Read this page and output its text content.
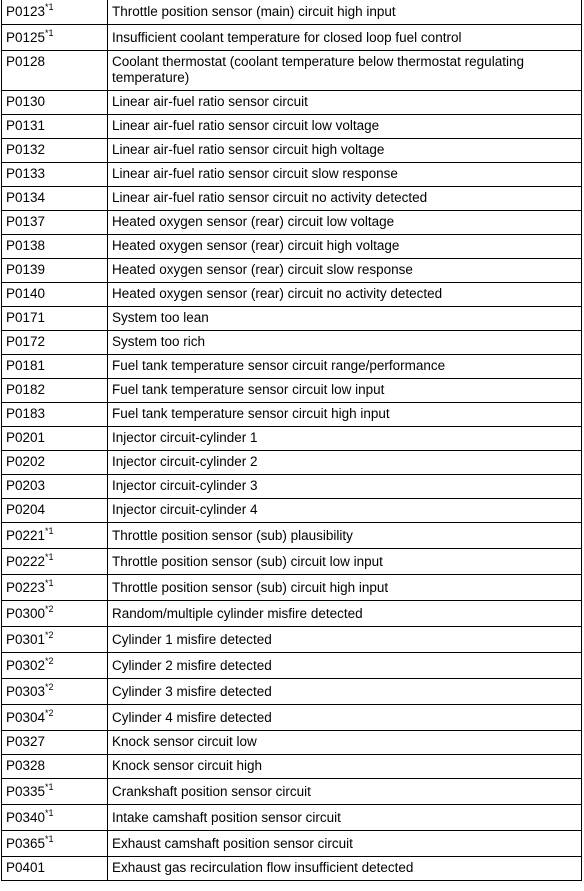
P0123$^{*1}$	Throttle position sensor (main) circuit high input
P0125$^{*1}$	Insufficient coolant temperature for closed loop fuel control
P0128	Coolant thermostat (coolant temperature below thermostat regulating temperature)
P0130	Linear air-fuel ratio sensor circuit
P0131	Linear air-fuel ratio sensor circuit low voltage
P0132	Linear air-fuel ratio sensor circuit high voltage
P0133	Linear air-fuel ratio sensor circuit slow response
P0134	Linear air-fuel ratio sensor circuit no activity detected
P0137	Heated oxygen sensor (rear) circuit low voltage
P0138	Heated oxygen sensor (rear) circuit high voltage
P0139	Heated oxygen sensor (rear) circuit slow response
P0140	Heated oxygen sensor (rear) circuit no activity detected
P0171	System too lean
P0172	System too rich
P0181	Fuel tank temperature sensor circuit range/performance
P0182	Fuel tank temperature sensor circuit low input
P0183	Fuel tank temperature sensor circuit high input
P0201	Injector circuit-cylinder 1
P0202	Injector circuit-cylinder 2
P0203	Injector circuit-cylinder 3
P0204	Injector circuit-cylinder 4
P0221$^{*1}$	Throttle position sensor (sub) plausibility
P0222$^{*1}$	Throttle position sensor (sub) circuit low input
P0223$^{*1}$	Throttle position sensor (sub) circuit high input
P0300$^{*2}$	Random/multiple cylinder misfire detected
P0301$^{*2}$	Cylinder 1 misfire detected
P0302$^{*2}$	Cylinder 2 misfire detected
P0303$^{*2}$	Cylinder 3 misfire detected
P0304$^{*2}$	Cylinder 4 misfire detected
P0327	Knock sensor circuit low
P0328	Knock sensor circuit high
P0335$^{*1}$	Crankshaft position sensor circuit
P0340$^{*1}$	Intake camshaft position sensor circuit
P0365$^{*1}$	Exhaust camshaft position sensor circuit
P0401	Exhaust gas recirculation flow insufficient detected
